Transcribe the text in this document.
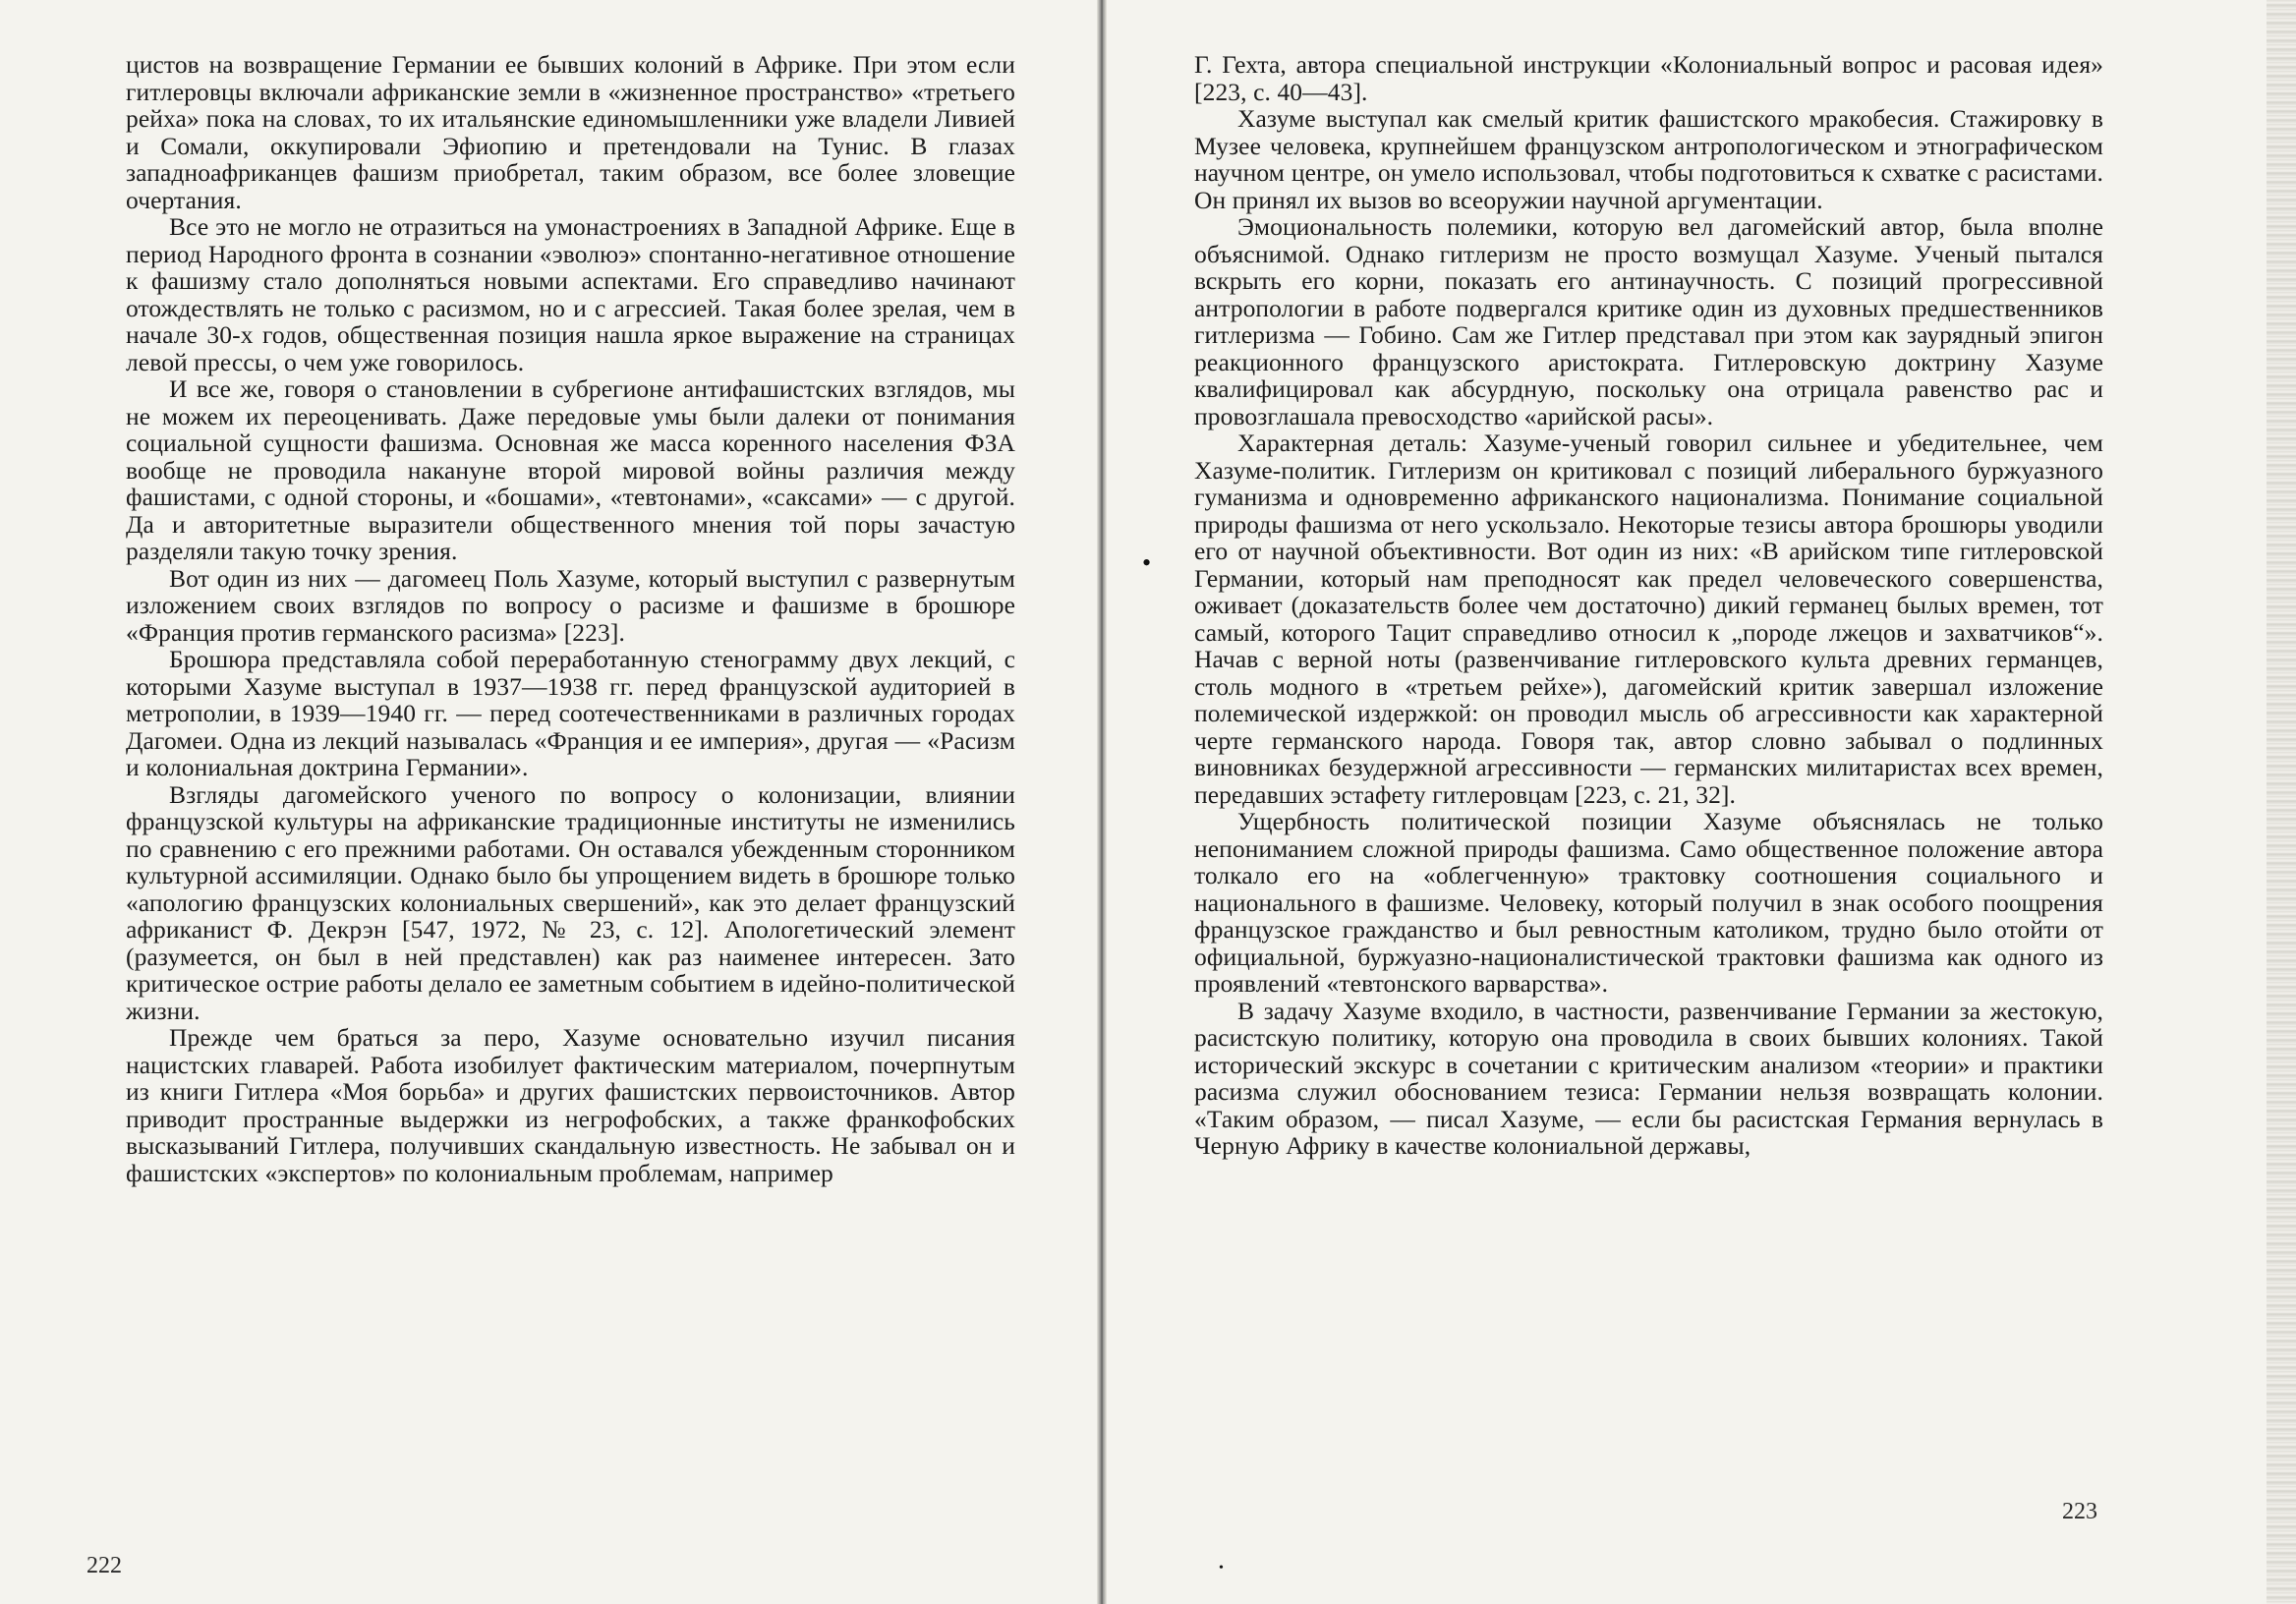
цистов на возвращение Германии ее бывших колоний в Африке. При этом если гитлеровцы включали африканские земли в «жизненное пространство» «третьего рейха» пока на словах, то их итальянские единомышленники уже владели Ливией и Сомали, оккупировали Эфиопию и претендовали на Тунис. В глазах западноафриканцев фашизм приобретал, таким образом, все более зловещие очертания.

Все это не могло не отразиться на умонастроениях в Западной Африке. Еще в период Народного фронта в сознании «эволюэ» спонтанно-негативное отношение к фашизму стало дополняться новыми аспектами. Его справедливо начинают отождествлять не только с расизмом, но и с агрессией. Такая более зрелая, чем в начале 30-х годов, общественная позиция нашла яркое выражение на страницах левой прессы, о чем уже говорилось.

И все же, говоря о становлении в субрегионе антифашистских взглядов, мы не можем их переоценивать. Даже передовые умы были далеки от понимания социальной сущности фашизма. Основная же масса коренного населения ФЗА вообще не проводила накануне второй мировой войны различия между фашистами, с одной стороны, и «бошами», «тевтонами», «саксами» — с другой. Да и авторитетные выразители общественного мнения той поры зачастую разделяли такую точку зрения.

Вот один из них — дагомеец Поль Хазуме, который выступил с развернутым изложением своих взглядов по вопросу о расизме и фашизме в брошюре «Франция против германского расизма» [223].

Брошюра представляла собой переработанную стенограмму двух лекций, с которыми Хазуме выступал в 1937—1938 гг. перед французской аудиторией в метрополии, в 1939—1940 гг. — перед соотечественниками в различных городах Дагомеи. Одна из лекций называлась «Франция и ее империя», другая — «Расизм и колониальная доктрина Германии».

Взгляды дагомейского ученого по вопросу о колонизации, влиянии французской культуры на африканские традиционные институты не изменились по сравнению с его прежними работами. Он оставался убежденным сторонником культурной ассимиляции. Однако было бы упрощением видеть в брошюре только «апологию французских колониальных свершений», как это делает французский африканист Ф. Декрэн [547, 1972, № 23, с. 12]. Апологетический элемент (разумеется, он был в ней представлен) как раз наименее интересен. Зато критическое острие работы делало ее заметным событием в идейно-политической жизни.

Прежде чем браться за перо, Хазуме основательно изучил писания нацистских главарей. Работа изобилует фактическим материалом, почерпнутым из книги Гитлера «Моя борьба» и других фашистских первоисточников. Автор приводит пространные выдержки из негрофобских, а также франкофобских высказываний Гитлера, получивших скандальную известность. Не забывал он и фашистских «экспертов» по колониальным проблемам, например

222

Г. Гехта, автора специальной инструкции «Колониальный вопрос и расовая идея» [223, с. 40—43].

Хазуме выступал как смелый критик фашистского мракобесия. Стажировку в Музее человека, крупнейшем французском антропологическом и этнографическом научном центре, он умело использовал, чтобы подготовиться к схватке с расистами. Он принял их вызов во всеоружии научной аргументации.

Эмоциональность полемики, которую вел дагомейский автор, была вполне объяснимой. Однако гитлеризм не просто возмущал Хазуме. Ученый пытался вскрыть его корни, показать его антинаучность. С позиций прогрессивной антропологии в работе подвергался критике один из духовных предшественников гитлеризма — Гобино. Сам же Гитлер представал при этом как заурядный эпигон реакционного французского аристократа. Гитлеровскую доктрину Хазуме квалифицировал как абсурдную, поскольку она отрицала равенство рас и провозглашала превосходство «арийской расы».

Характерная деталь: Хазуме-ученый говорил сильнее и убедительнее, чем Хазуме-политик. Гитлеризм он критиковал с позиций либерального буржуазного гуманизма и одновременно африканского национализма. Понимание социальной природы фашизма от него ускользало. Некоторые тезисы автора брошюры уводили его от научной объективности. Вот один из них: «В арийском типе гитлеровской Германии, который нам преподносят как предел человеческого совершенства, оживает (доказательств более чем достаточно) дикий германец былых времен, тот самый, которого Тацит справедливо относил к „породе лжецов и захватчиков“». Начав с верной ноты (развенчивание гитлеровского культа древних германцев, столь модного в «третьем рейхе»), дагомейский критик завершал изложение полемической издержкой: он проводил мысль об агрессивности как характерной черте германского народа. Говоря так, автор словно забывал о подлинных виновниках безудержной агрессивности — германских милитаристах всех времен, передавших эстафету гитлеровцам [223, с. 21, 32].

Ущербность политической позиции Хазуме объяснялась не только непониманием сложной природы фашизма. Само общественное положение автора толкало его на «облегченную» трактовку соотношения социального и национального в фашизме. Человеку, который получил в знак особого поощрения французское гражданство и был ревностным католиком, трудно было отойти от официальной, буржуазно-националистической трактовки фашизма как одного из проявлений «тевтонского варварства».

В задачу Хазуме входило, в частности, развенчивание Германии за жестокую, расистскую политику, которую она проводила в своих бывших колониях. Такой исторический экскурс в сочетании с критическим анализом «теории» и практики расизма служил обоснованием тезиса: Германии нельзя возвращать колонии. «Таким образом, — писал Хазуме, — если бы расистская Германия вернулась в Черную Африку в качестве колониальной державы,

223
•
•
